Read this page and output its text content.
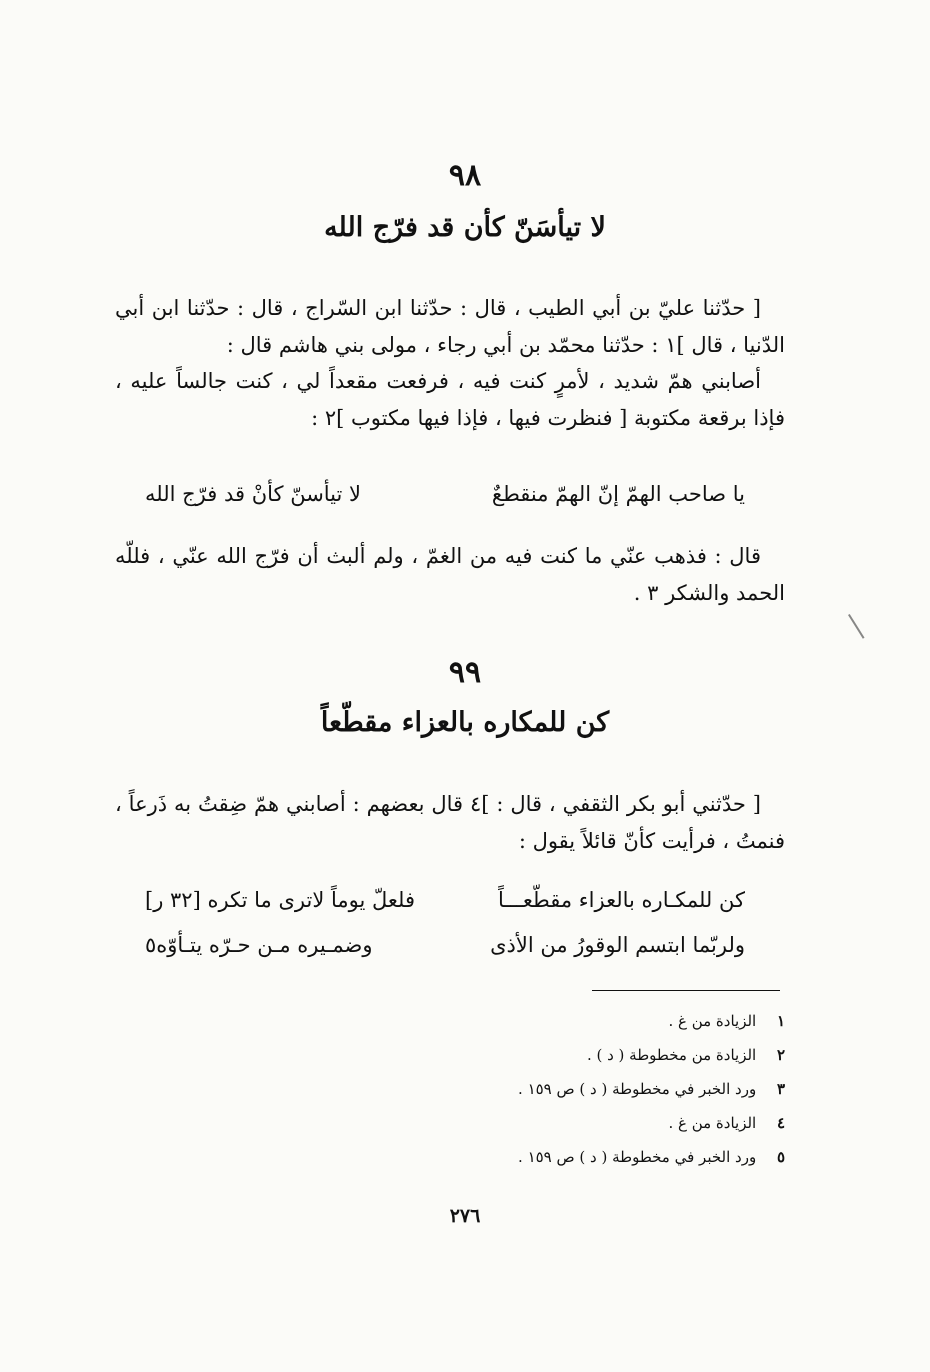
٩٨
لا تيأسَنّ كأن قد فرّج الله

[ حدّثنا عليّ بن أبي الطيب ، قال : حدّثنا ابن السّراج ، قال : حدّثنا ابن أبي الدّنيا ، قال ]١ : حدّثنا محمّد بن أبي رجاء ، مولى بني هاشم قال :

أصابني همّ شديد ، لأمرٍ كنت فيه ، فرفعت مقعداً لي ، كنت جالساً عليه ، فإذا برقعة مكتوبة [ فنظرت فيها ، فإذا فيها مكتوب ]٢ :

يا صاحب الهمّ إنّ الهمّ منقطعٌ
لا تيأسنّ كأنْ قد فرّج الله

قال : فذهب عنّي ما كنت فيه من الغمّ ، ولم ألبث أن فرّج الله عنّي ، فللّه الحمد والشكر ٣ .

٩٩
كن للمكاره بالعزاء مقطّعاً

[ حدّثني أبو بكر الثقفي ، قال : ]٤ قال بعضهم : أصابني همّ ضِقتُ به ذَرعاً ، فنمتُ ، فرأيت كأنّ قائلاً يقول :

كن للمكـاره بالعزاء مقطّعـــاً
فلعلّ يوماً لاترى ما تكره [٣٢ ر]
ولربّما ابتسم الوقورُ من الأذى
وضمـيره مـن حـرّه يتـأوّه٥
١ الزيادة من غ .
٢ الزيادة من مخطوطة ( د ) .
٣ ورد الخبر في مخطوطة ( د ) ص ١٥٩ .
٤ الزيادة من غ .
٥ ورد الخبر في مخطوطة ( د ) ص ١٥٩ .
٢٧٦
